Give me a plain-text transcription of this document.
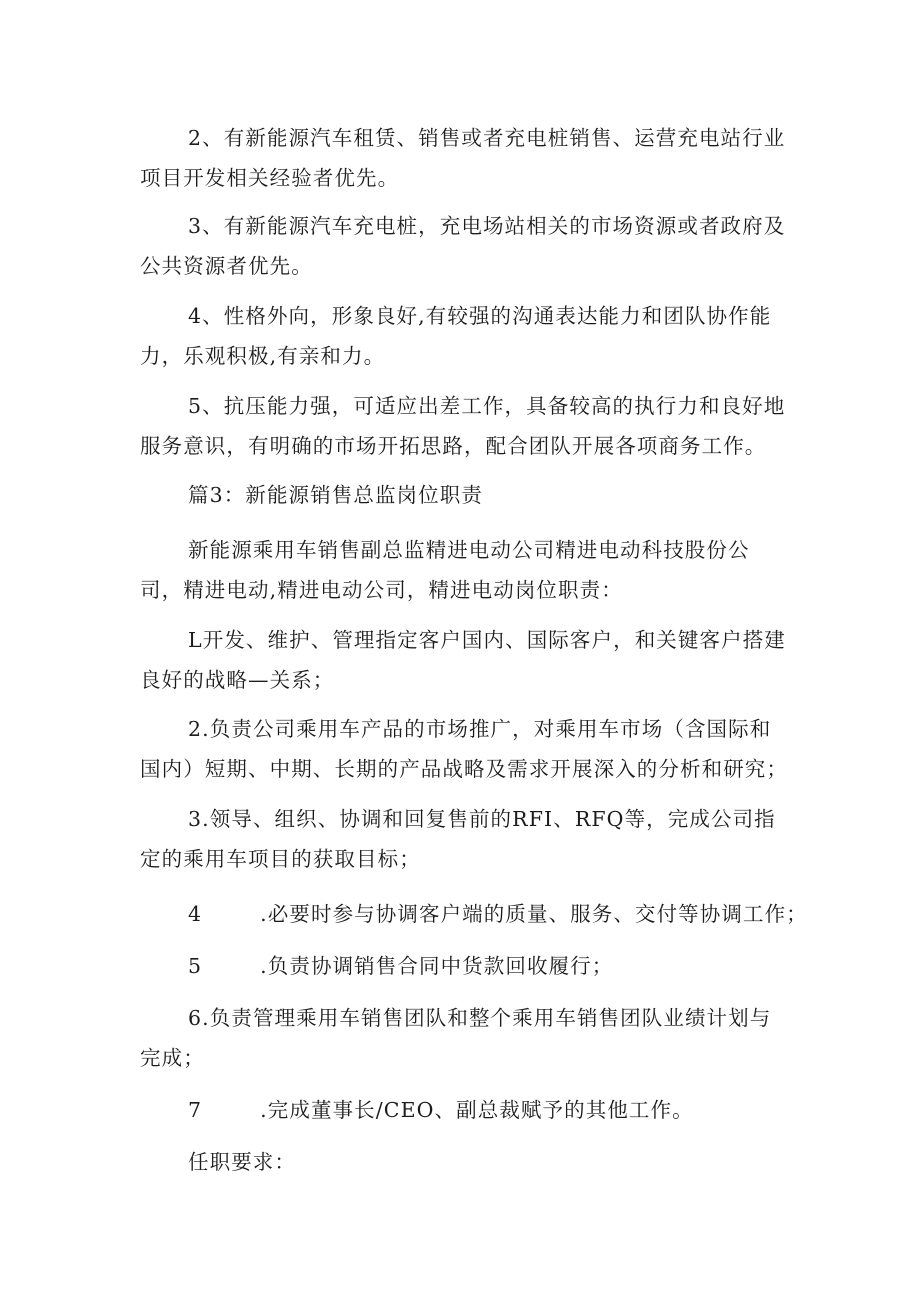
2、有新能源汽车租赁、销售或者充电桩销售、运营充电站行业项目开发相关经验者优先。

3、有新能源汽车充电桩，充电场站相关的市场资源或者政府及公共资源者优先。

4、性格外向，形象良好,有较强的沟通表达能力和团队协作能力，乐观积极,有亲和力。

5、抗压能力强，可适应出差工作，具备较高的执行力和良好地服务意识，有明确的市场开拓思路，配合团队开展各项商务工作。

篇3：新能源销售总监岗位职责

新能源乘用车销售副总监精进电动公司精进电动科技股份公司，精进电动,精进电动公司，精进电动岗位职责：

L开发、维护、管理指定客户国内、国际客户，和关键客户搭建良好的战略—关系；

2.负责公司乘用车产品的市场推广，对乘用车市场（含国际和国内）短期、中期、长期的产品战略及需求开展深入的分析和研究；

3.领导、组织、协调和回复售前的RFI、RFQ等，完成公司指定的乘用车项目的获取目标；

4	.必要时参与协调客户端的质量、服务、交付等协调工作；

5	.负责协调销售合同中货款回收履行；

6.负责管理乘用车销售团队和整个乘用车销售团队业绩计划与完成；

7	.完成董事长/CEO、副总裁赋予的其他工作。

任职要求：
